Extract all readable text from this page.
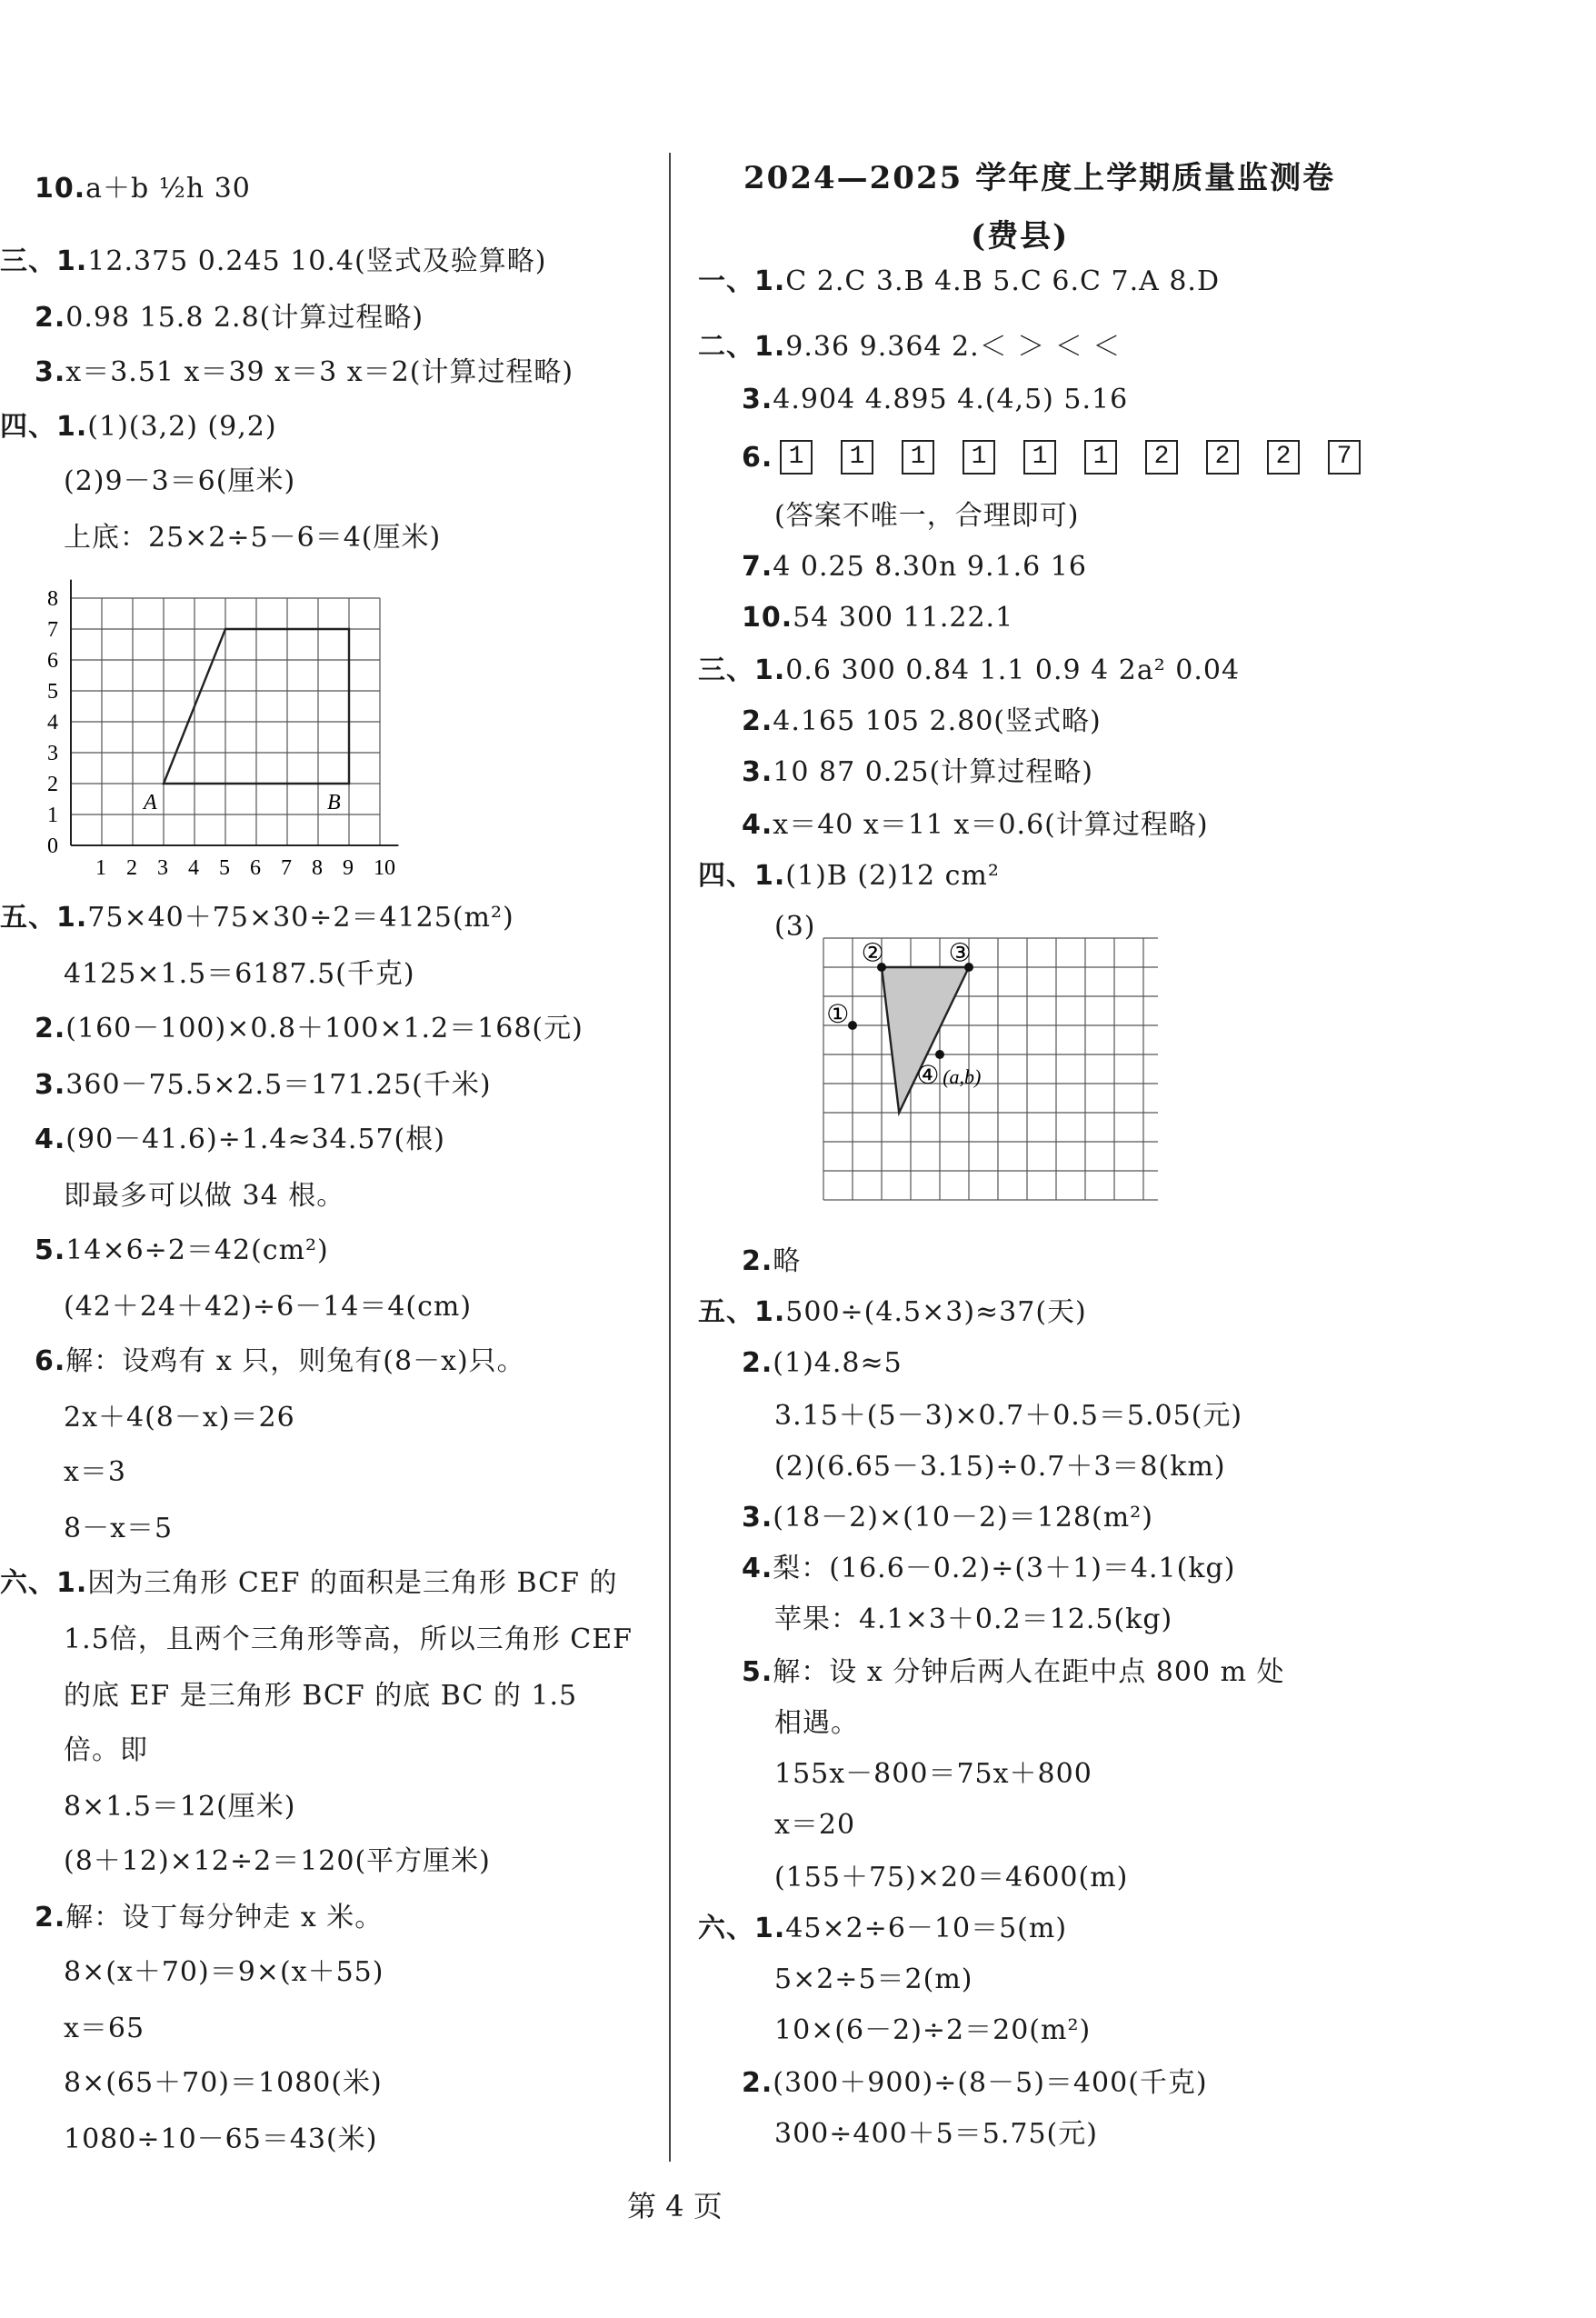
10.a＋b ½h 30
三、1.12.375 0.245 10.4(竖式及验算略)
2.0.98 15.8 2.8(计算过程略)
3.x＝3.51 x＝39 x＝3 x＝2(计算过程略)
四、1.(1)(3,2) (9,2)
(2)9－3＝6(厘米)
上底：25×2÷5－6＝4(厘米)
0
1
2
3
4
5
6
7
8
1 2 3 4 5 6 7 8 9 10
A	B
五、1.75×40＋75×30÷2＝4125(m²)
4125×1.5＝6187.5(千克)
2.(160－100)×0.8＋100×1.2＝168(元)
3.360－75.5×2.5＝171.25(千米)
4.(90－41.6)÷1.4≈34.57(根)
即最多可以做 34 根。
5.14×6÷2＝42(cm²)
(42＋24＋42)÷6－14＝4(cm)
6.解：设鸡有 x 只，则兔有(8－x)只。
2x＋4(8－x)＝26
x＝3
8－x＝5
六、1.因为三角形 CEF 的面积是三角形 BCF 的
1.5倍，且两个三角形等高，所以三角形 CEF
的底 EF 是三角形 BCF 的底 BC 的 1.5
倍。即
8×1.5＝12(厘米)
(8＋12)×12÷2＝120(平方厘米)
2.解：设丁每分钟走 x 米。
8×(x＋70)＝9×(x＋55)
x＝65
8×(65＋70)＝1080(米)
1080÷10－65＝43(米)
2024—2025 学年度上学期质量监测卷
(费县)
一、1.C 2.C 3.B 4.B 5.C 6.C 7.A 8.D
二、1.9.36 9.364 2.＜ ＞ ＜ ＜
3.4.904 4.895 4.(4,5) 5.16
6. 1	1	1	1	1	1	2	2	2	7
(答案不唯一，合理即可)
7.4 0.25 8.30n 9.1.6 16
10.54 300 11.22.1
三、1.0.6 300 0.84 1.1 0.9 4 2a² 0.04
2.4.165 105 2.80(竖式略)
3.10 87 0.25(计算过程略)
4.x＝40 x＝11 x＝0.6(计算过程略)
四、1.(1)B (2)12 cm²
(3)
②	③
①
④ (a,b)
2.略
五、1.500÷(4.5×3)≈37(天)
2.(1)4.8≈5
3.15＋(5－3)×0.7＋0.5＝5.05(元)
(2)(6.65－3.15)÷0.7＋3＝8(km)
3.(18－2)×(10－2)＝128(m²)
4.梨：(16.6－0.2)÷(3＋1)＝4.1(kg)
苹果：4.1×3＋0.2＝12.5(kg)
5.解：设 x 分钟后两人在距中点 800 m 处
相遇。
155x－800＝75x＋800
x＝20
(155＋75)×20＝4600(m)
六、1.45×2÷6－10＝5(m)
5×2÷5＝2(m)
10×(6－2)÷2＝20(m²)
2.(300＋900)÷(8－5)＝400(千克)
300÷400＋5＝5.75(元)
第 4 页
